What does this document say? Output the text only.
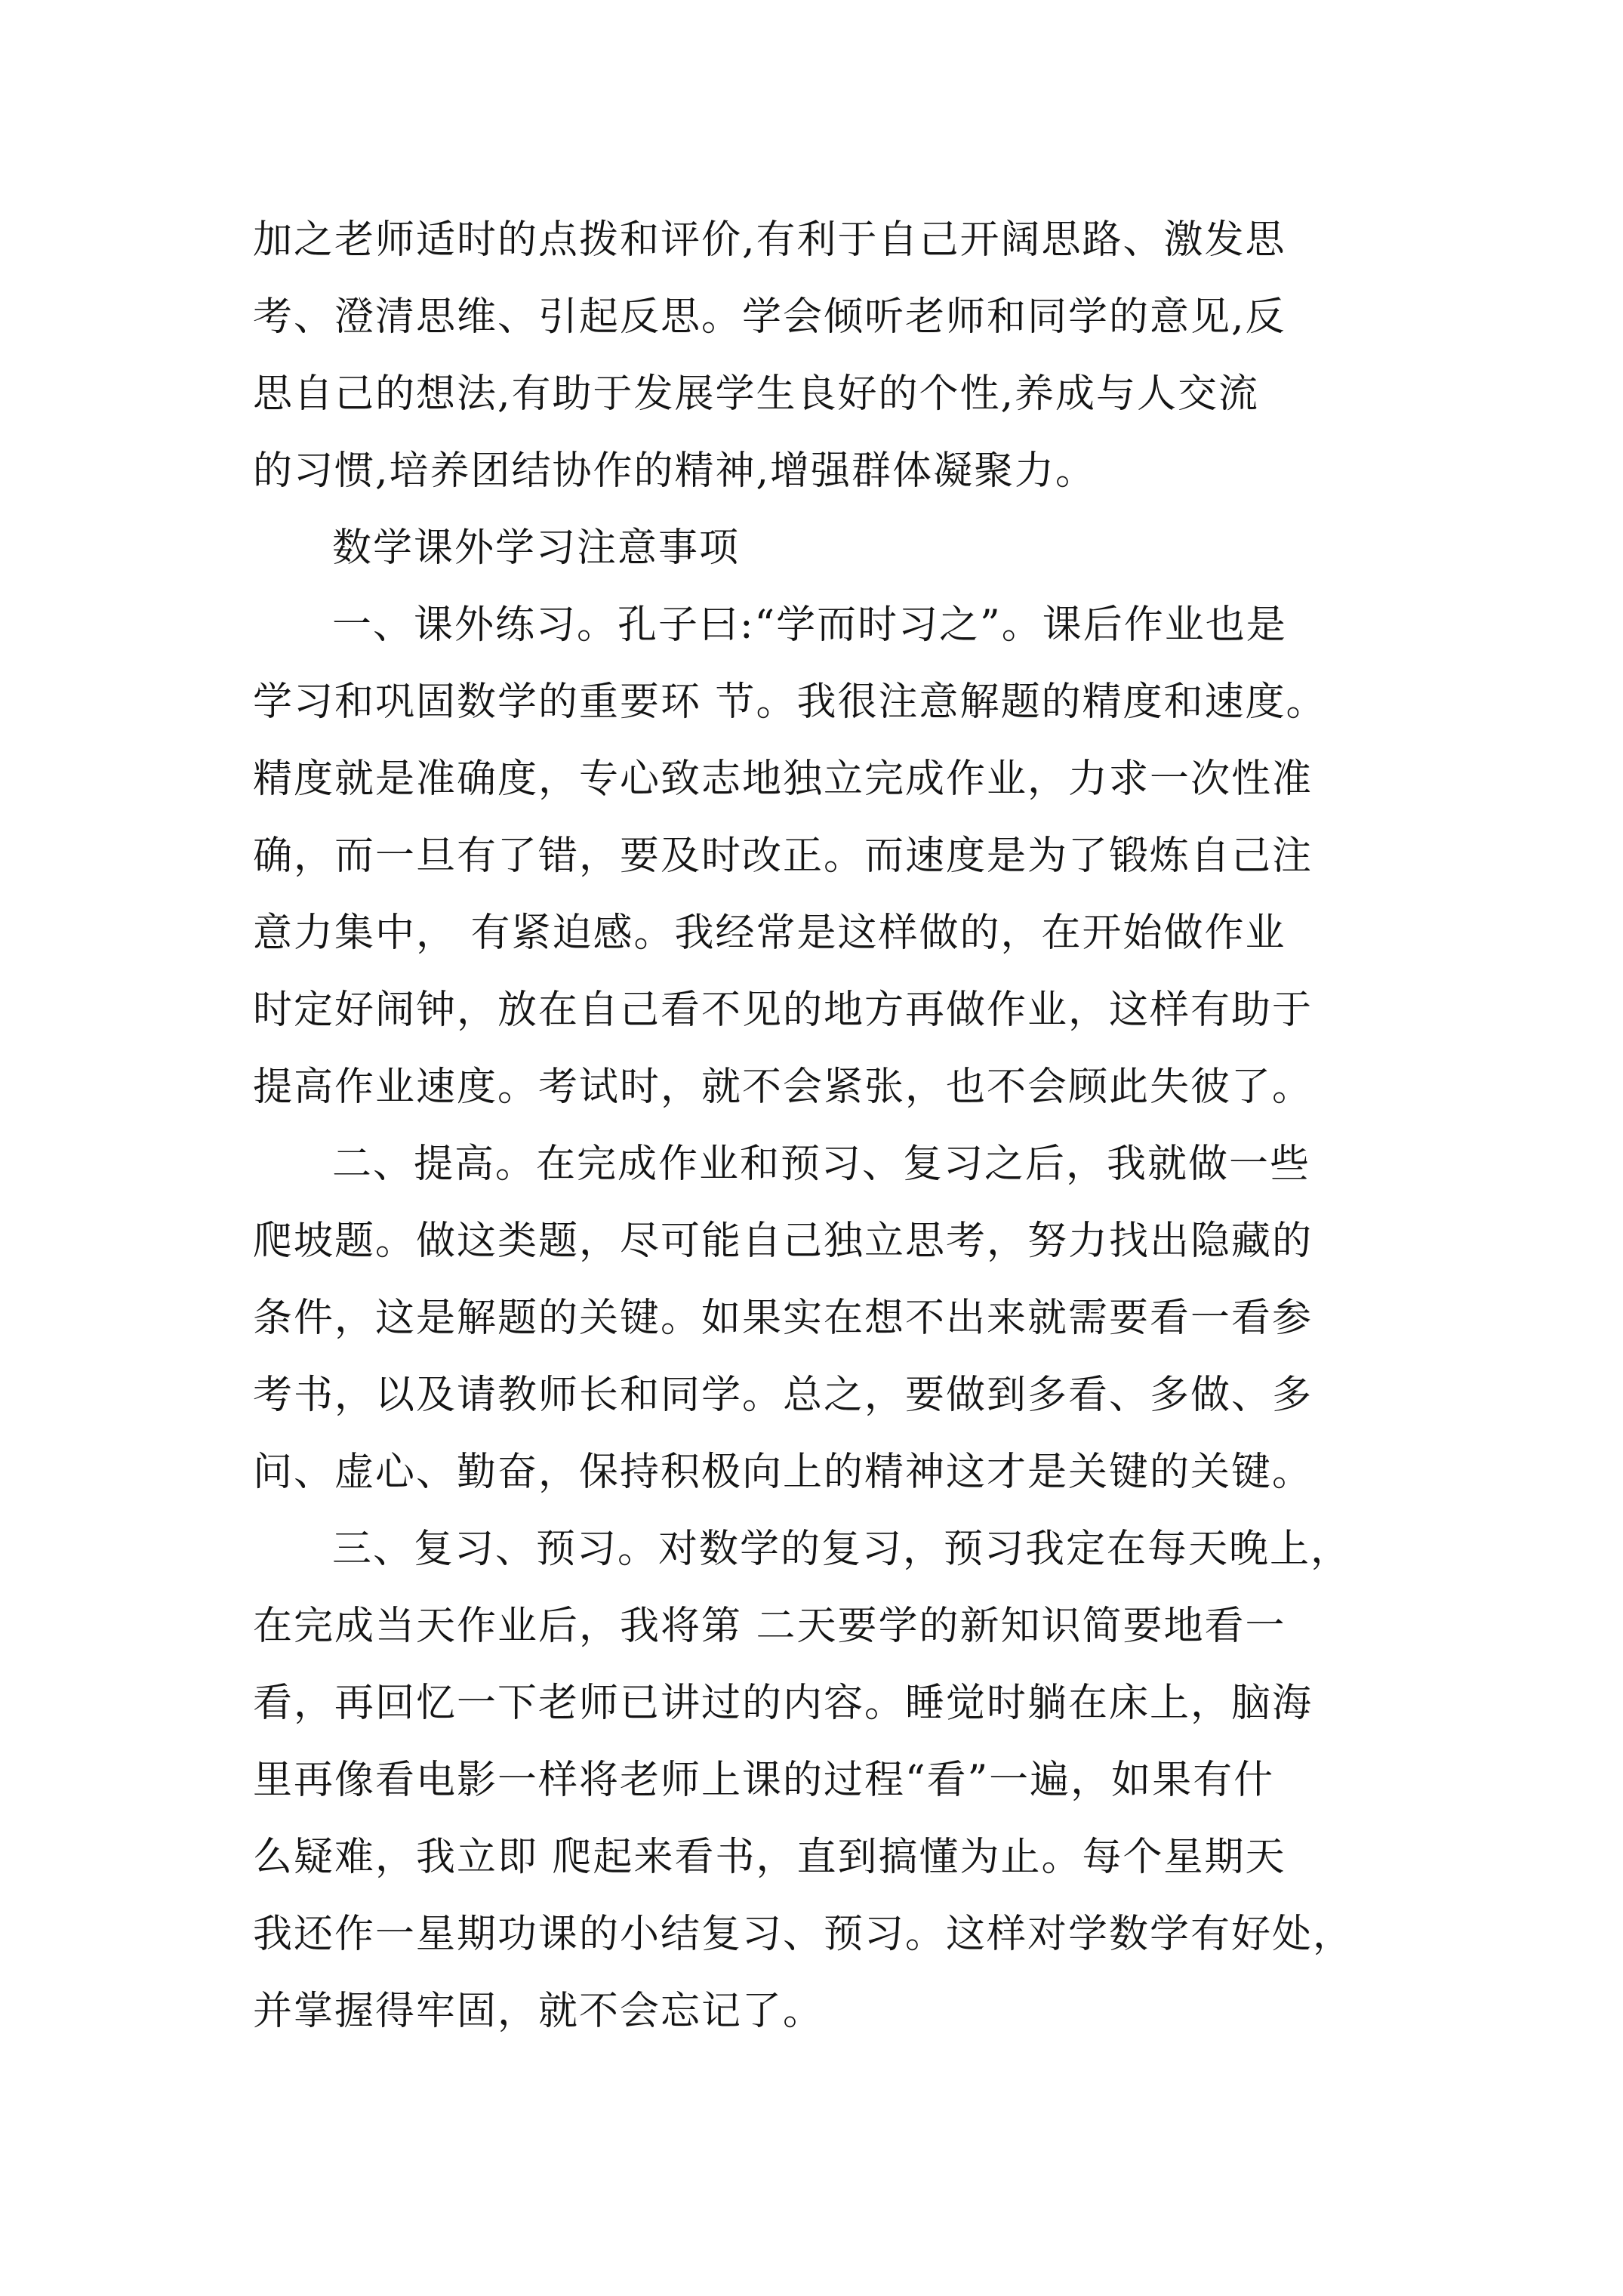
加之老师适时的点拨和评价,有利于自己开阔思路、激发思

考、澄清思维、引起反思。学会倾听老师和同学的意见,反

思自己的想法,有助于发展学生良好的个性,养成与人交流

的习惯,培养团结协作的精神,增强群体凝聚力。

数学课外学习注意事项

一、课外练习。孔子曰:“学而时习之”。课后作业也是

学习和巩固数学的重要环 节。我很注意解题的精度和速度。

精度就是准确度，专心致志地独立完成作业，力求一次性准

确，而一旦有了错，要及时改正。而速度是为了锻炼自己注

意力集中， 有紧迫感。我经常是这样做的，在开始做作业

时定好闹钟，放在自己看不见的地方再做作业，这样有助于

提高作业速度。考试时，就不会紧张，也不会顾此失彼了。

二、提高。在完成作业和预习、复习之后，我就做一些

爬坡题。做这类题，尽可能自己独立思考，努力找出隐藏的

条件，这是解题的关键。如果实在想不出来就需要看一看参

考书，以及请教师长和同学。总之，要做到多看、多做、多

问、虚心、勤奋，保持积极向上的精神这才是关键的关键。

三、复习、预习。对数学的复习，预习我定在每天晚上，

在完成当天作业后，我将第 二天要学的新知识简要地看一

看，再回忆一下老师已讲过的内容。睡觉时躺在床上，脑海

里再像看电影一样将老师上课的过程“看”一遍，如果有什

么疑难，我立即 爬起来看书，直到搞懂为止。每个星期天

我还作一星期功课的小结复习、预习。这样对学数学有好处，

并掌握得牢固，就不会忘记了。
